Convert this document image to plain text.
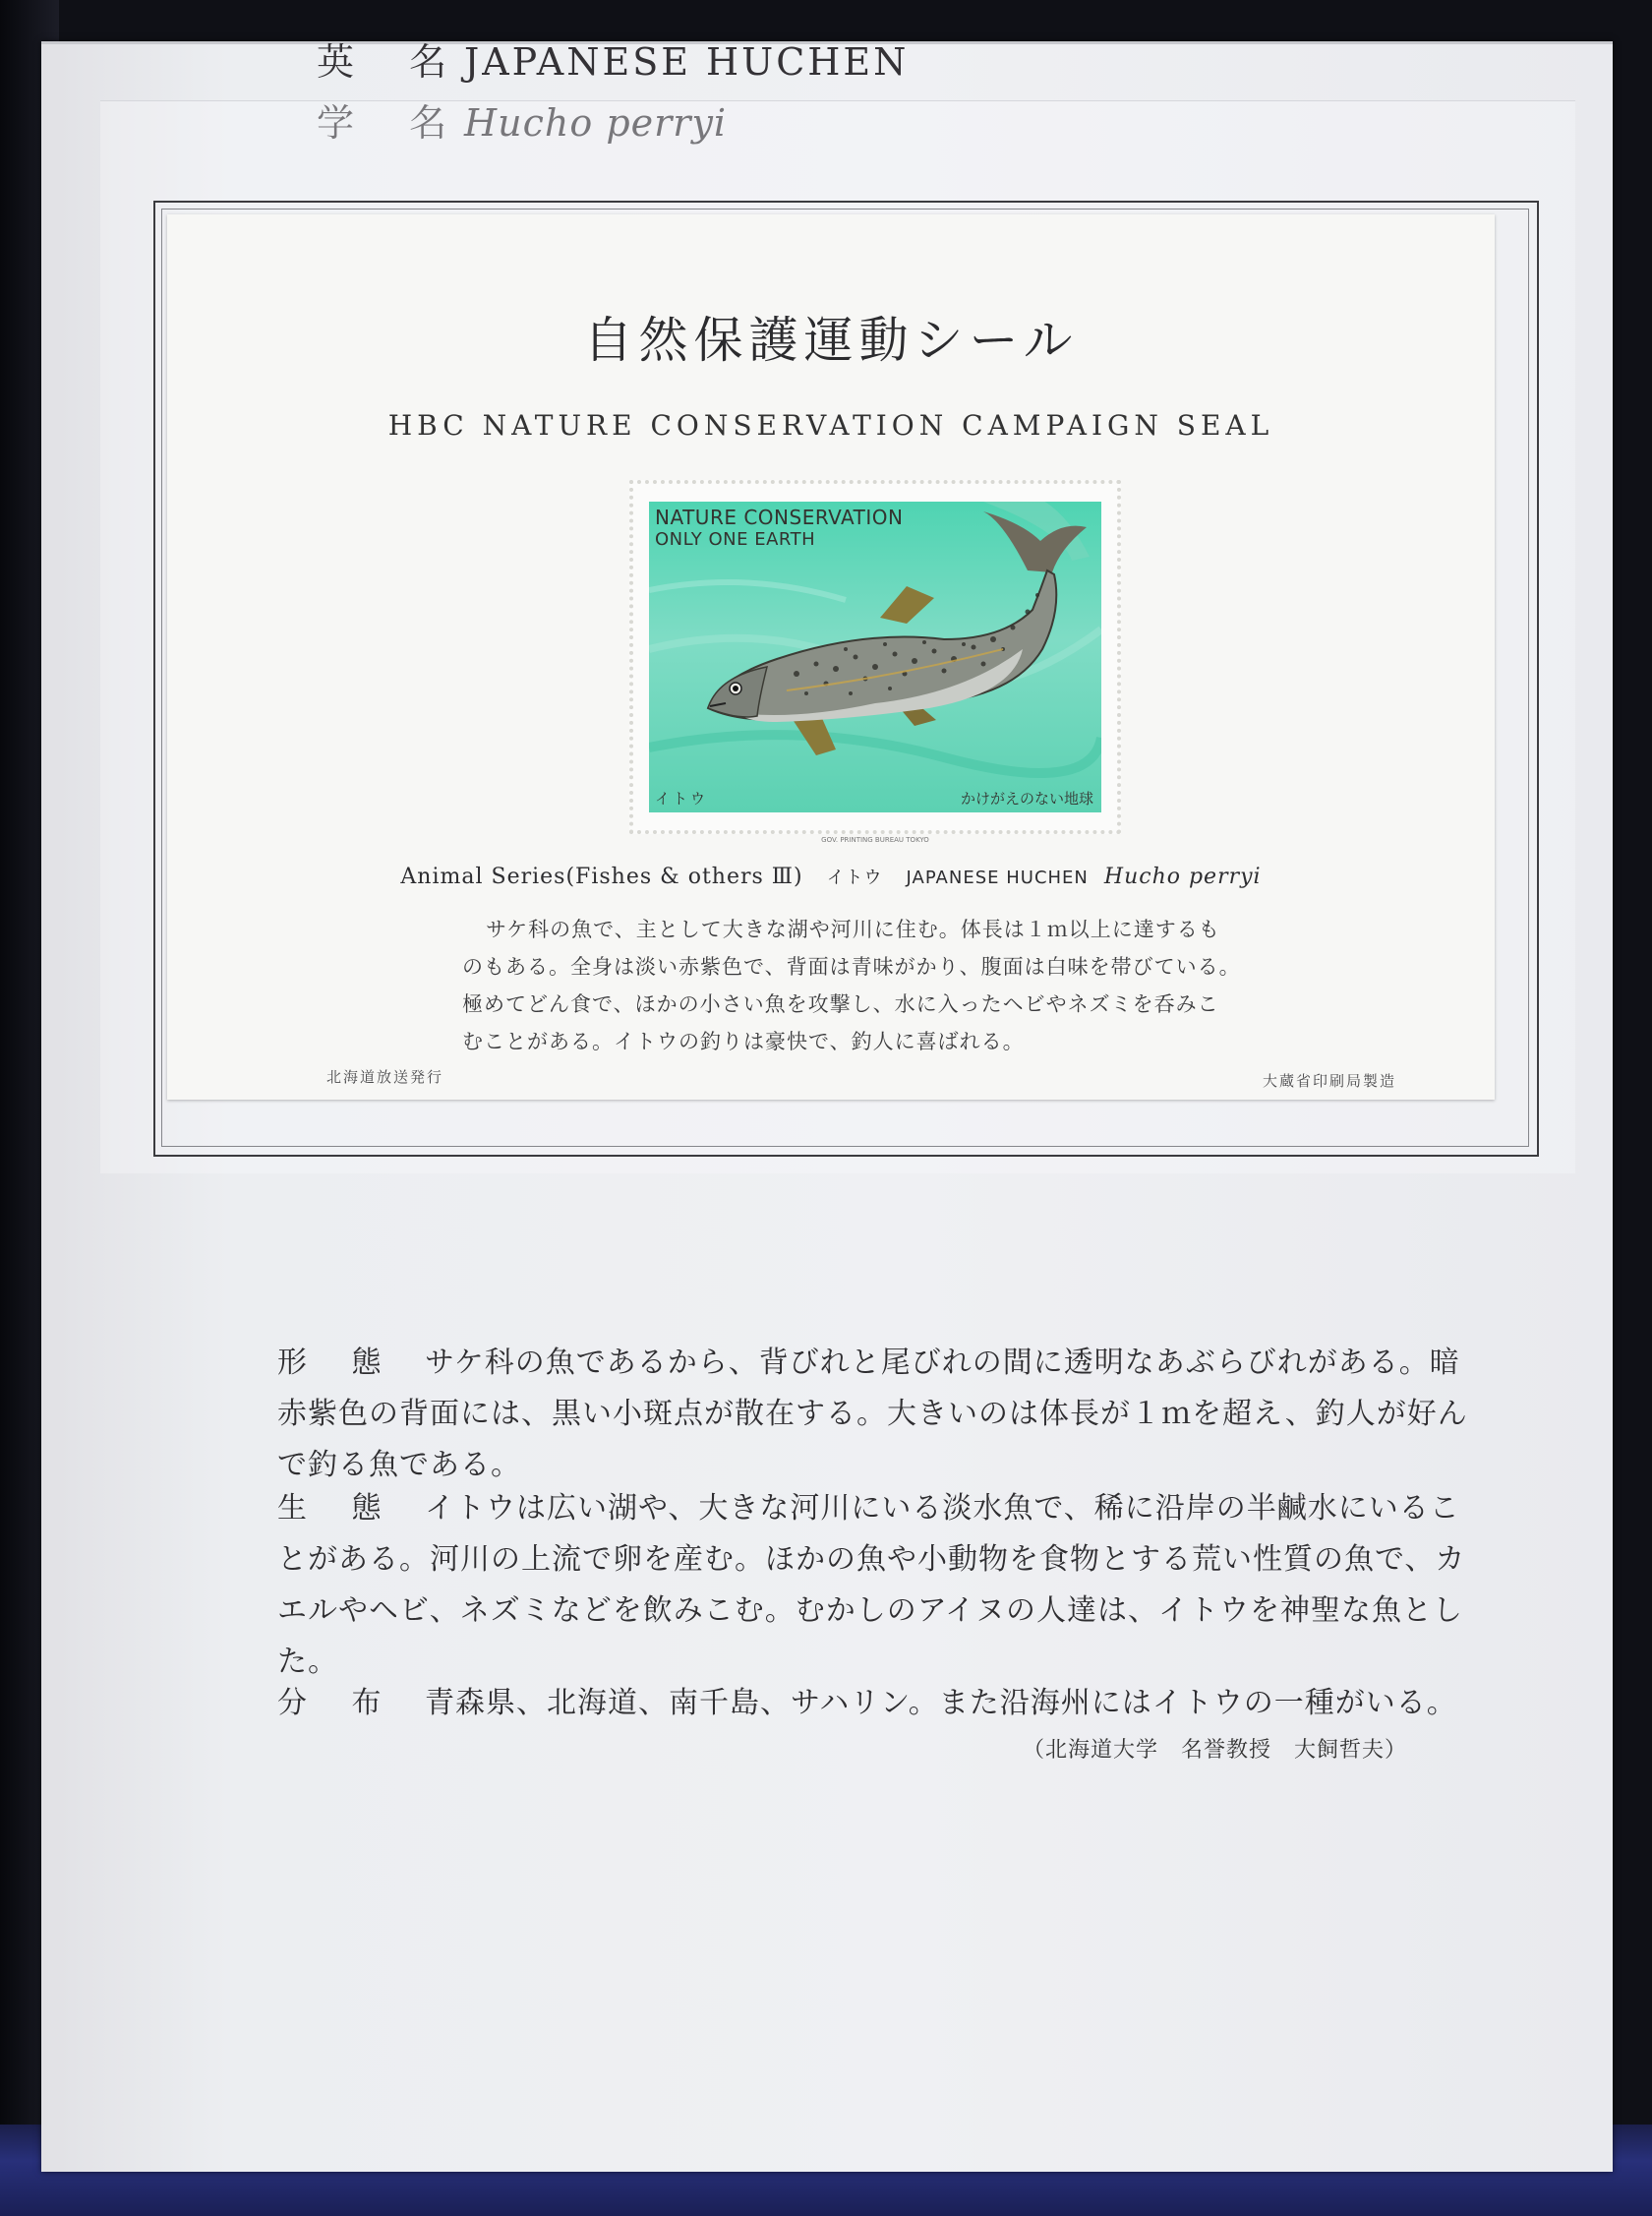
英 名JAPANESE HUCHEN
学 名Hucho perryi
自然保護運動シール
HBC NATURE CONSERVATION CAMPAIGN SEAL
NATURE CONSERVATION
ONLY ONE EARTH
イトウ	かけがえのない地球
GOV. PRINTING BUREAU TOKYO
Animal Series(Fishes & others Ⅲ) イトウ JAPANESE HUCHEN Hucho perryi

サケ科の魚で、主として大きな湖や河川に住む。体長は１ｍ以上に達するも

のもある。全身は淡い赤紫色で、背面は青味がかり、腹面は白味を帯びている。

極めてどん食で、ほかの小さい魚を攻撃し、水に入ったヘビやネズミを呑みこ

むことがある。イトウの釣りは豪快で、釣人に喜ばれる。

北海道放送発行	大蔵省印刷局製造

形 態 サケ科の魚であるから、背びれと尾びれの間に透明なあぶらびれがある。暗

赤紫色の背面には、黒い小斑点が散在する。大きいのは体長が１ｍを超え、釣人が好ん

で釣る魚である。

生 態 イトウは広い湖や、大きな河川にいる淡水魚で、稀に沿岸の半鹹水にいるこ

とがある。河川の上流で卵を産む。ほかの魚や小動物を食物とする荒い性質の魚で、カ

エルやヘビ、ネズミなどを飲みこむ。むかしのアイヌの人達は、イトウを神聖な魚とし

た。

分 布 青森県、北海道、南千島、サハリン。また沿海州にはイトウの一種がいる。

（北海道大学　名誉教授　大飼哲夫）
